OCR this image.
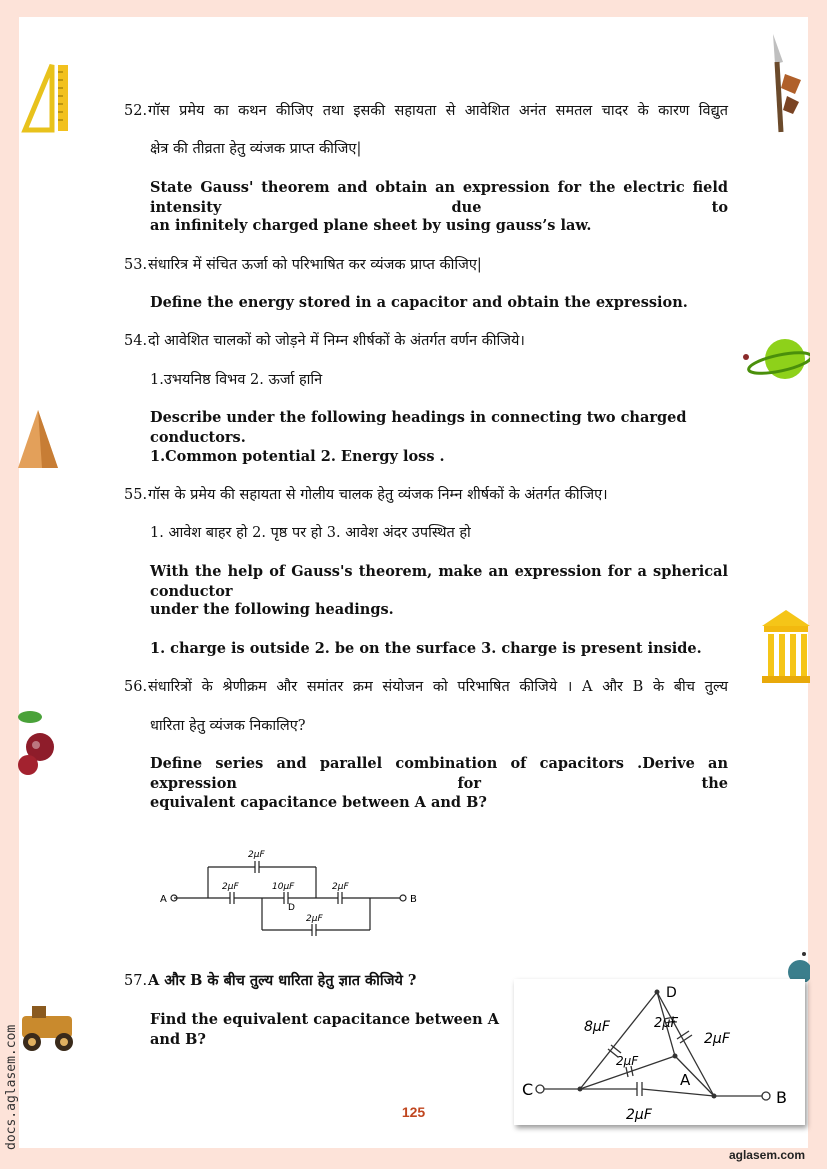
52.गॉस प्रमेय का कथन कीजिए तथा इसकी सहायता से आवेशित अनंत समतल चादर के कारण विद्युत
क्षेत्र की तीव्रता हेतु व्यंजक प्राप्त कीजिए|
State Gauss' theorem and obtain an expression for the electric field intensity due to
an infinitely charged plane sheet by using gauss’s law.
53.संधारित्र में संचित ऊर्जा को परिभाषित कर व्यंजक प्राप्त कीजिए|
Define the energy stored in a capacitor and obtain the expression.
54.दो आवेशित चालकों को जोड़ने में निम्न शीर्षकों के अंतर्गत वर्णन कीजिये।
1.उभयनिष्ठ विभव 2. ऊर्जा हानि
Describe under the following headings in connecting two charged conductors.
1.Common potential 2. Energy loss .
55.गॉस के प्रमेय की सहायता से गोलीय चालक हेतु व्यंजक निम्न शीर्षकों के अंतर्गत कीजिए।
1. आवेश बाहर हो 2. पृष्ठ पर हो 3. आवेश अंदर उपस्थित हो
With the help of Gauss's theorem, make an expression for a spherical conductor
under the following headings.
1. charge is outside 2. be on the surface 3. charge is present inside.
56.संधारित्रों के श्रेणीक्रम और समांतर क्रम संयोजन को परिभाषित कीजिये । A और B के बीच तुल्य
धारिता हेतु व्यंजक निकालिए?
Define series and parallel combination of capacitors .Derive an expression for the
equivalent capacitance between A and B?
A	B
D
2μF
2μF	10μF	2μF
2μF
57.A और B के बीच तुल्य धारिता हेतु ज्ञात कीजिये ?
Find the equivalent capacitance between A and B?
C
D
A
B
8μF	2μF
2μF
2μF
2μF
125
aglasem.com
docs.aglasem.com
